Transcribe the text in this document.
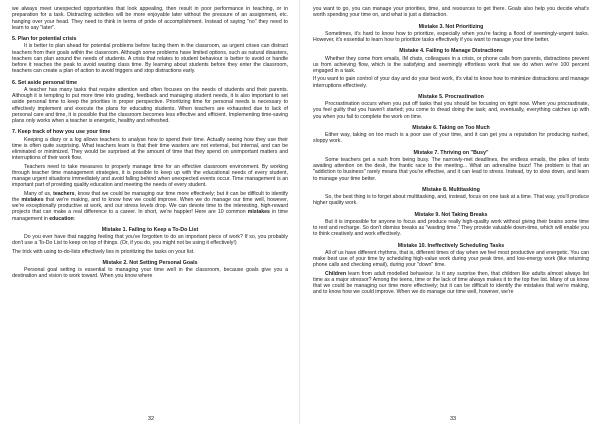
we always meet unexpected opportunities that look appealing, then result in poor performance in teaching, or in preparation for a task. Distracting activities will be more enjoyable later without the pressure of an assignment, etc. hanging over your head. They need to think in terms of pride of accomplishment. Instead of saying "no" they need to learn to say "later".

5. Plan for potential crisis

It is better to plan ahead for potential problems before facing them in the classroom, as urgent crises can distract teachers from their goals within the classroom. Although some problems have limited options, such as natural disasters, teachers can plan around the needs of students. A crisis that relates to student behaviour is better to avoid or handle before it reaches the peak to avoid wasting class time. By learning about students before they enter the classroom, teachers can create a plan of action to avoid triggers and stop distractions early.

6. Set aside personal time

A teacher has many tasks that require attention and often focuses on the needs of students and their parents. Although it is tempting to put more time into grading, feedback and managing student needs, it is also important to set aside personal time to keep the priorities in proper perspective. Prioritizing time for personal needs is necessary to effectively implement and execute the plans for educating students. When teachers are exhausted due to lack of personal care and time, it is possible that the classroom becomes less effective and efficient. Implementing time-saving plans only works when a teacher is energetic, healthy and refreshed.

7. Keep track of how you use your time

Keeping a diary or a log allows teachers to analyse how to spend their time. Actually seeing how they use their time is often quite surprising. What teachers learn is that their time wasters are not external, but internal, and can be eliminated or minimized. They would be surprised at the amount of time that they spend on unimportant matters and interruptions of their work flow.

Teachers need to take measures to properly manage time for an effective classroom environment. By working through teacher time management strategies, it is possible to keep up with the educational needs of every student, manage urgent situations immediately and avoid falling behind when unexpected events occur. Time management is an important part of providing quality education and meeting the needs of every student.

Many of us, teachers, know that we could be managing our time more effectively; but it can be difficult to identify the mistakes that we're making, and to know how we could improve. When we do manage our time well, however, we're exceptionally productive at work, and our stress levels drop. We can devote time to the interesting, high-reward projects that can make a real difference to a career. In short, we're happier! Here are 10 common mistakes in time management in education:

Mistake 1. Failing to Keep a To-Do List

Do you ever have that nagging feeling that you've forgotten to do an important piece of work? If so, you probably don't use a To-Do List to keep on top of things. (Or, if you do, you might not be using it effectively!)

The trick with using to-do-lists effectively lies in prioritizing the tasks on your list.

Mistake 2. Not Setting Personal Goals

Personal goal setting is essential to managing your time well in the classroom, because goals give you a destination and vision to work toward. When you know where

you want to go, you can manage your priorities, time, and resources to get there. Goals also help you decide what's worth spending your time on, and what is just a distraction.

Mistake 3. Not Prioritizing

Sometimes, it's hard to know how to prioritize, especially when you're facing a flood of seemingly-urgent tasks. However, it's essential to learn how to prioritize tasks effectively if you want to manage your time better.

Mistake 4. Failing to Manage Distractions

Whether they come from emails, IM chats, colleagues in a crisis, or phone calls from parents, distractions prevent us from achieving flow, which is the satisfying and seemingly effortless work that we do when we're 100 percent engaged in a task.

If you want to gain control of your day and do your best work, it's vital to know how to minimize distractions and manage interruptions effectively.

Mistake 5. Procrastination

Procrastination occurs when you put off tasks that you should be focusing on right now. When you procrastinate, you feel guilty that you haven't started; you come to dread doing the task; and, eventually, everything catches up with you when you fail to complete the work on time.

Mistake 6. Taking on Too Much

Either way, taking on too much is a poor use of your time, and it can get you a reputation for producing rushed, sloppy work.

Mistake 7. Thriving on "Busy"

Some teachers get a rush from being busy. The narrowly-met deadlines, the endless emails, the piles of tests awaiting attention on the desk, the frantic race to the meeting... What an adrenaline buzz! The problem is that an "addiction to business" rarely means that you're effective, and it can lead to stress. Instead, try to slow down, and learn to manage your time better.

Mistake 8. Multitasking

So, the best thing is to forget about multitasking, and, instead, focus on one task at a time. That way, you'll produce higher quality work.

Mistake 9. Not Taking Breaks

But it is impossible for anyone to focus and produce really high-quality work without giving their brains some time to rest and recharge. So don't dismiss breaks as "wasting time." They provide valuable down-time, which will enable you to think creatively and work effectively.

Mistake 10. Ineffectively Scheduling Tasks

All of us have different rhythms, that is, different times of day when we feel most productive and energetic. You can make best use of your time by scheduling high-value work during your peak time, and low-energy work (like returning phone calls and checking email), during your "down" time.

Children learn from adult modelled behaviour. Is it any surprise then, that children like adults almost always list time as a major stressor? Among the teens, time or the lack of time always makes it to the top five list. Many of us know that we could be managing our time more effectively; but it can be difficult to identify the mistakes that we're making, and to know how we could improve. When we do manage our time well, however, we're

32	33
